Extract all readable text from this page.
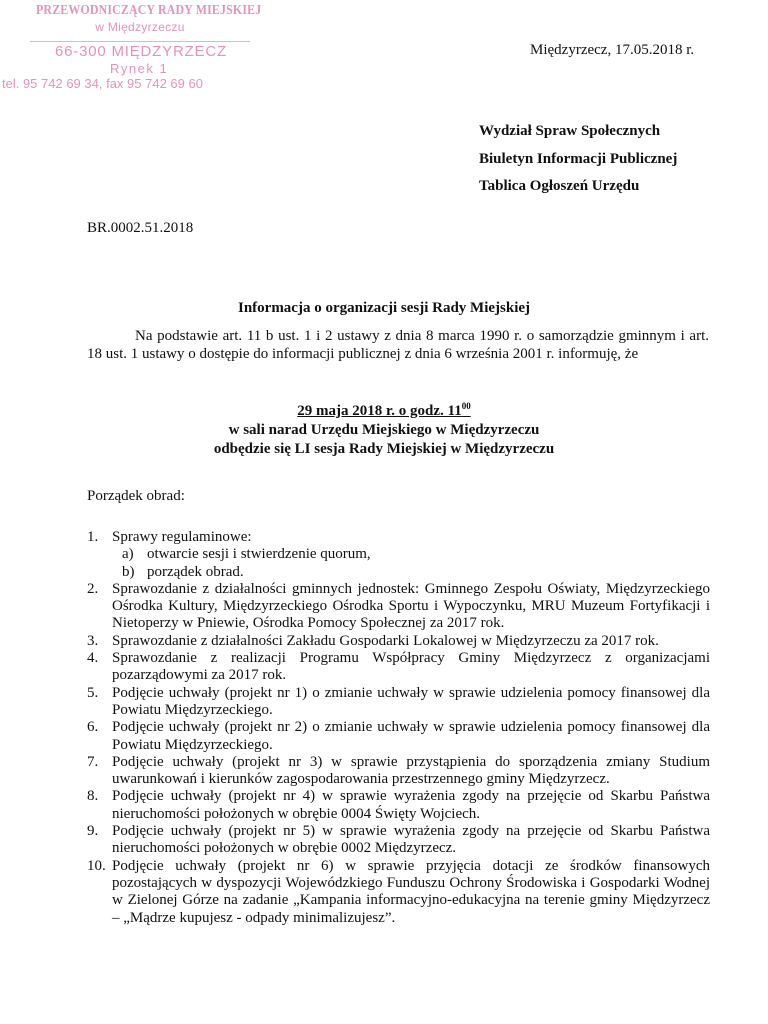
PRZEWODNICZĄCY RADY MIEJSKIEJ
w Międzyrzeczu
66-300 MIĘDZYRZECZ
Rynek 1
tel. 95 742 69 34, fax 95 742 69 60
Międzyrzecz, 17.05.2018 r.
Wydział Spraw Społecznych
Biuletyn Informacji Publicznej
Tablica Ogłoszeń Urzędu
BR.0002.51.2018
Informacja o organizacji sesji Rady Miejskiej
Na podstawie art. 11 b ust. 1 i 2 ustawy z dnia 8 marca 1990 r. o samorządzie gminnym i art. 18 ust. 1 ustawy o dostępie do informacji publicznej z dnia 6 września 2001 r. informuję, że
29 maja 2018 r. o godz. $11^{00}$
w sali narad Urzędu Miejskiego w Międzyrzeczu
odbędzie się LI sesja Rady Miejskiej w Międzyrzeczu
Porządek obrad:
1. Sprawy regulaminowe:
a) otwarcie sesji i stwierdzenie quorum,
b) porządek obrad.
2. Sprawozdanie z działalności gminnych jednostek: Gminnego Zespołu Oświaty, Międzyrzeckiego Ośrodka Kultury, Międzyrzeckiego Ośrodka Sportu i Wypoczynku, MRU Muzeum Fortyfikacji i Nietoperzy w Pniewie, Ośrodka Pomocy Społecznej za 2017 rok.
3. Sprawozdanie z działalności Zakładu Gospodarki Lokalowej w Międzyrzeczu za 2017 rok.
4. Sprawozdanie z realizacji Programu Współpracy Gminy Międzyrzecz z organizacjami pozarządowymi za 2017 rok.
5. Podjęcie uchwały (projekt nr 1) o zmianie uchwały w sprawie udzielenia pomocy finansowej dla Powiatu Międzyrzeckiego.
6. Podjęcie uchwały (projekt nr 2) o zmianie uchwały w sprawie udzielenia pomocy finansowej dla Powiatu Międzyrzeckiego.
7. Podjęcie uchwały (projekt nr 3) w sprawie przystąpienia do sporządzenia zmiany Studium uwarunkowań i kierunków zagospodarowania przestrzennego gminy Międzyrzecz.
8. Podjęcie uchwały (projekt nr 4) w sprawie wyrażenia zgody na przejęcie od Skarbu Państwa nieruchomości położonych w obrębie 0004 Święty Wojciech.
9. Podjęcie uchwały (projekt nr 5) w sprawie wyrażenia zgody na przejęcie od Skarbu Państwa nieruchomości położonych w obrębie 0002 Międzyrzecz.
10. Podjęcie uchwały (projekt nr 6) w sprawie przyjęcia dotacji ze środków finansowych pozostających w dyspozycji Wojewódzkiego Funduszu Ochrony Środowiska i Gospodarki Wodnej w Zielonej Górze na zadanie „Kampania informacyjno-edukacyjna na terenie gminy Międzyrzecz – „Mądrze kupujesz - odpady minimalizujesz”.
